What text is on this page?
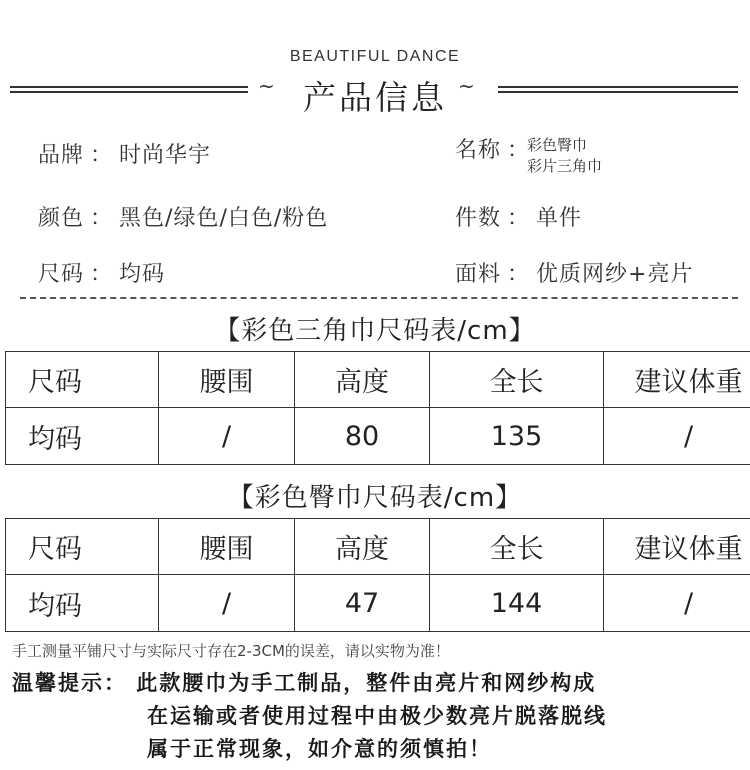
BEAUTIFUL DANCE
~ 产品信息 ~
品牌 ： 时尚华宇
颜色 ： 黑色/绿色/白色/粉色
尺码 ： 均码
名称 ：
彩色臀巾
彩片三角巾
件数 ： 单件
面料 ： 优质网纱+亮片
【彩色三角巾尺码表/cm】
尺码	腰围	高度	全长	建议体重
均码	/	80	135	/
【彩色臀巾尺码表/cm】
尺码	腰围	高度	全长	建议体重
均码	/	47	144	/
手工测量平铺尺寸与实际尺寸存在2-3CM的误差，请以实物为准！
温馨提示： 此款腰巾为手工制品，整件由亮片和网纱构成
在运输或者使用过程中由极少数亮片脱落脱线
属于正常现象，如介意的须慎拍！
